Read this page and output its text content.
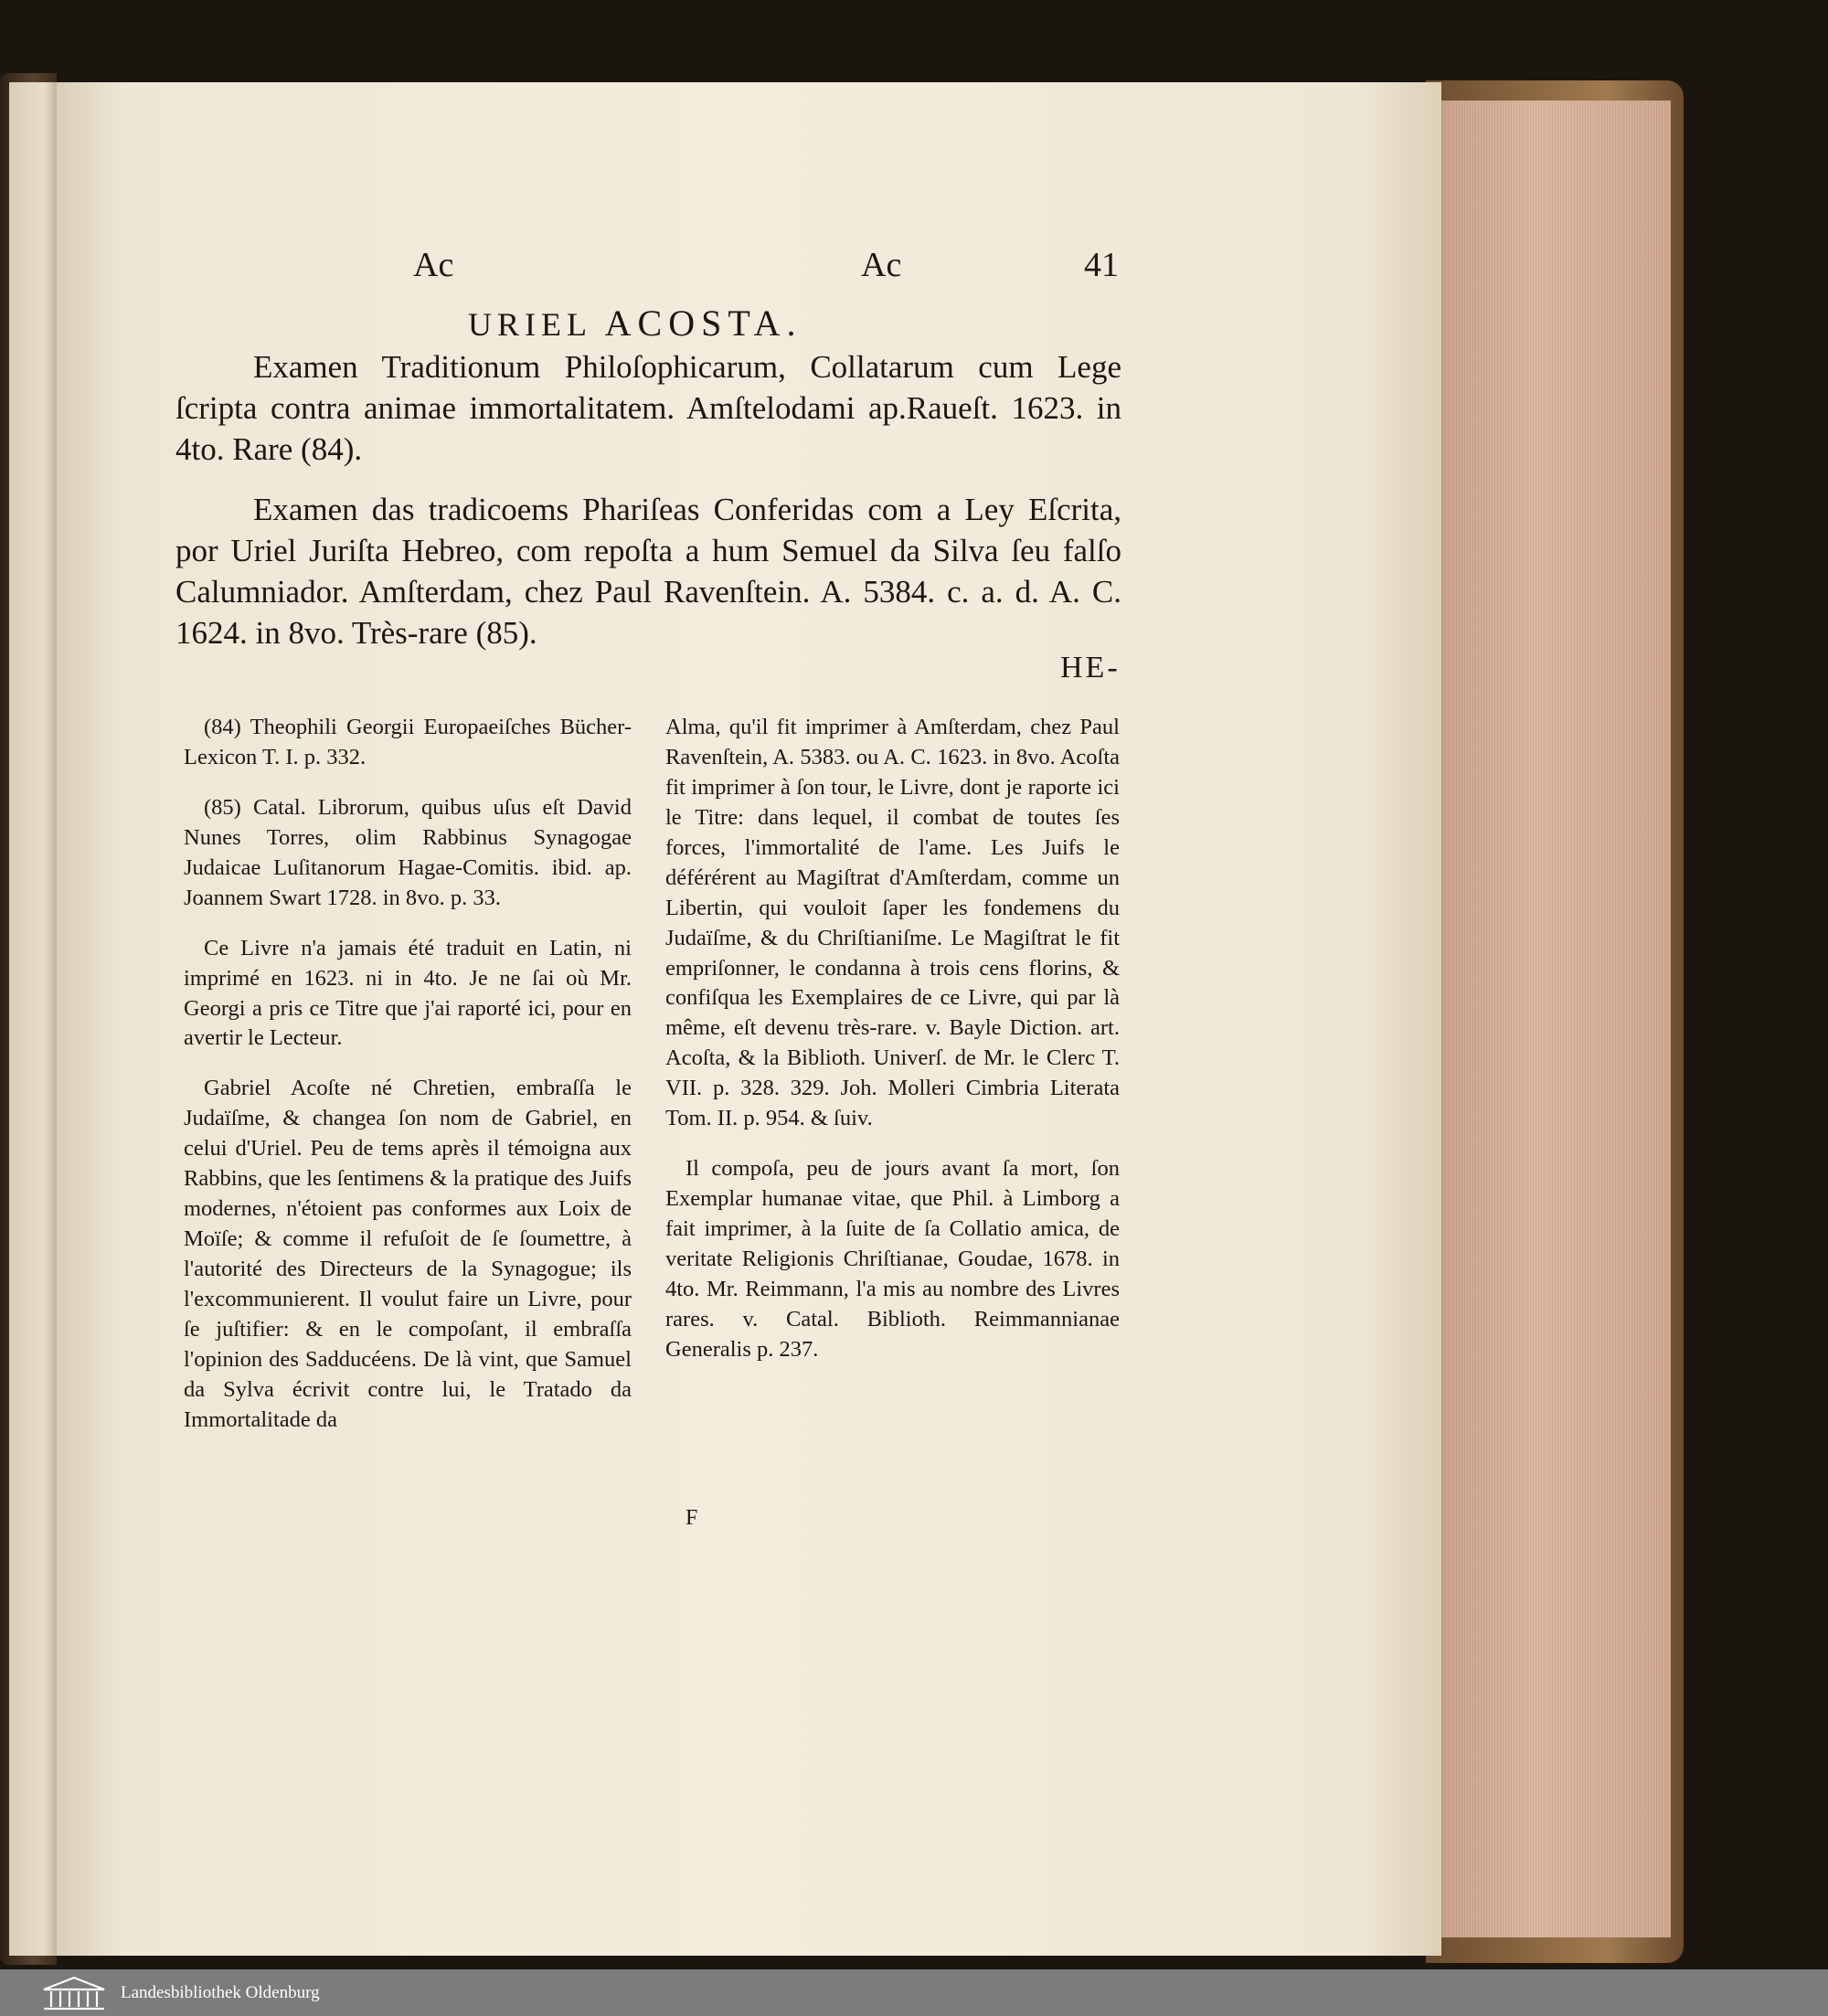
Ac	Ac	41
URIEL ACOSTA.

Examen Traditionum Philoſophicarum, Collatarum cum Lege ſcripta contra animae immortalitatem. Amſtelodami ap.Raueſt. 1623. in 4to. Rare (84).

Examen das tradicoems Phariſeas Conferidas com a Ley Eſcrita, por Uriel Juriſta Hebreo, com repoſta a hum Semuel da Silva ſeu falſo Calumniador. Amſterdam, chez Paul Ravenſtein. A. 5384. c. a. d. A. C. 1624. in 8vo. Très-rare (85).

HE-

(84) Theophili Georgii Europaeiſches Bücher-Lexicon T. I. p. 332.

(85) Catal. Librorum, quibus uſus eſt David Nunes Torres, olim Rabbinus Synagogae Judaicae Luſitanorum Hagae-Comitis. ibid. ap. Joannem Swart 1728. in 8vo. p. 33.

Ce Livre n'a jamais été traduit en Latin, ni imprimé en 1623. ni in 4to. Je ne ſai où Mr. Georgi a pris ce Titre que j'ai raporté ici, pour en avertir le Lecteur.

Gabriel Acoſte né Chretien, embraſſa le Judaïſme, & changea ſon nom de Gabriel, en celui d'Uriel. Peu de tems après il témoigna aux Rabbins, que les ſentimens & la pratique des Juifs modernes, n'étoient pas conformes aux Loix de Moïſe; & comme il refuſoit de ſe ſoumettre, à l'autorité des Directeurs de la Synagogue; ils l'excommunierent. Il voulut faire un Livre, pour ſe juſtifier: & en le compoſant, il embraſſa l'opinion des Sadducéens. De là vint, que Samuel da Sylva écrivit contre lui, le Tratado da Immortalitade da

Alma, qu'il fit imprimer à Amſterdam, chez Paul Ravenſtein, A. 5383. ou A. C. 1623. in 8vo. Acoſta fit imprimer à ſon tour, le Livre, dont je raporte ici le Titre: dans lequel, il combat de toutes ſes forces, l'immortalité de l'ame. Les Juifs le déférérent au Magiſtrat d'Amſterdam, comme un Libertin, qui vouloit ſaper les fondemens du Judaïſme, & du Chriſtianiſme. Le Magiſtrat le fit empriſonner, le condanna à trois cens florins, & confiſqua les Exemplaires de ce Livre, qui par là même, eſt devenu très-rare. v. Bayle Diction. art. Acoſta, & la Biblioth. Univerſ. de Mr. le Clerc T. VII. p. 328. 329. Joh. Molleri Cimbria Literata Tom. II. p. 954. & ſuiv.

Il compoſa, peu de jours avant ſa mort, ſon Exemplar humanae vitae, que Phil. à Limborg a fait imprimer, à la ſuite de ſa Collatio amica, de veritate Religionis Chriſtianae, Goudae, 1678. in 4to. Mr. Reimmann, l'a mis au nombre des Livres rares. v. Catal. Biblioth. Reimmannianae Generalis p. 237.

F
Landesbibliothek Oldenburg
